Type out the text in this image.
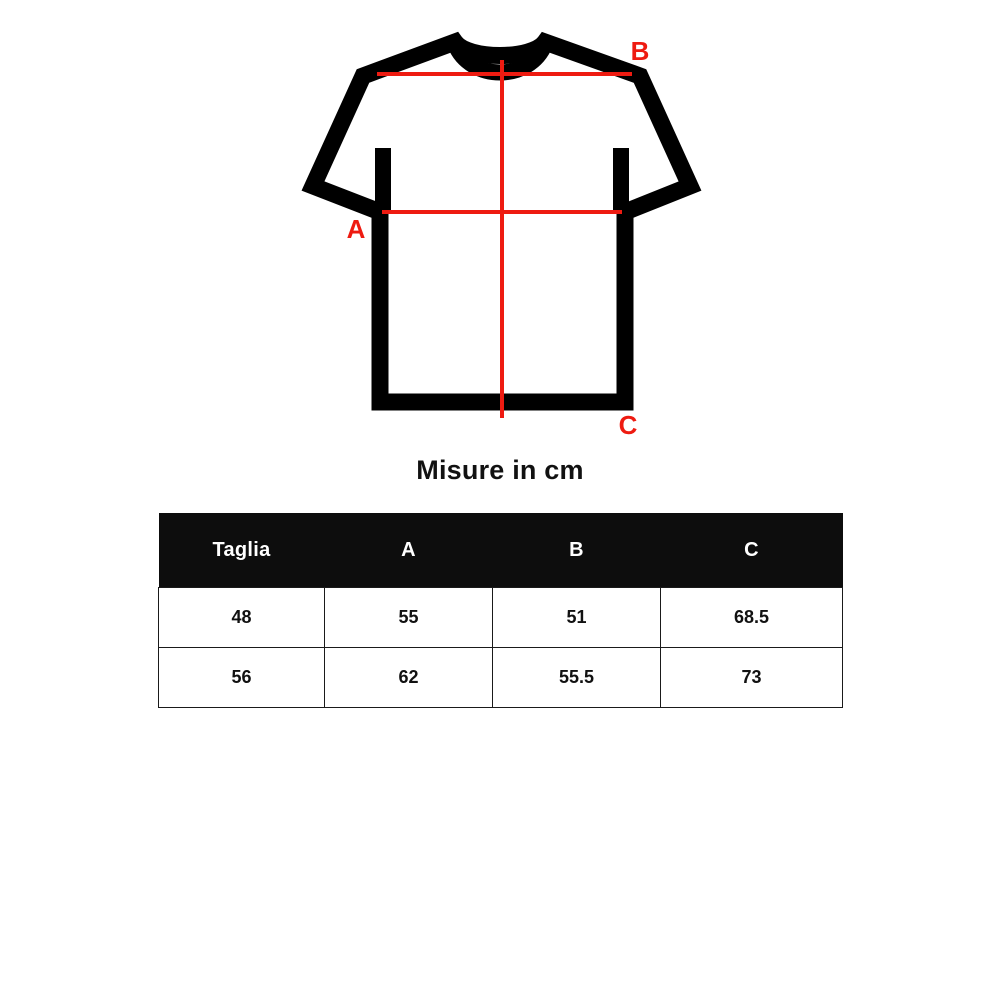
A
B
C
Misure in cm
Taglia	A	B	C
48	55	51	68.5
56	62	55.5	73
